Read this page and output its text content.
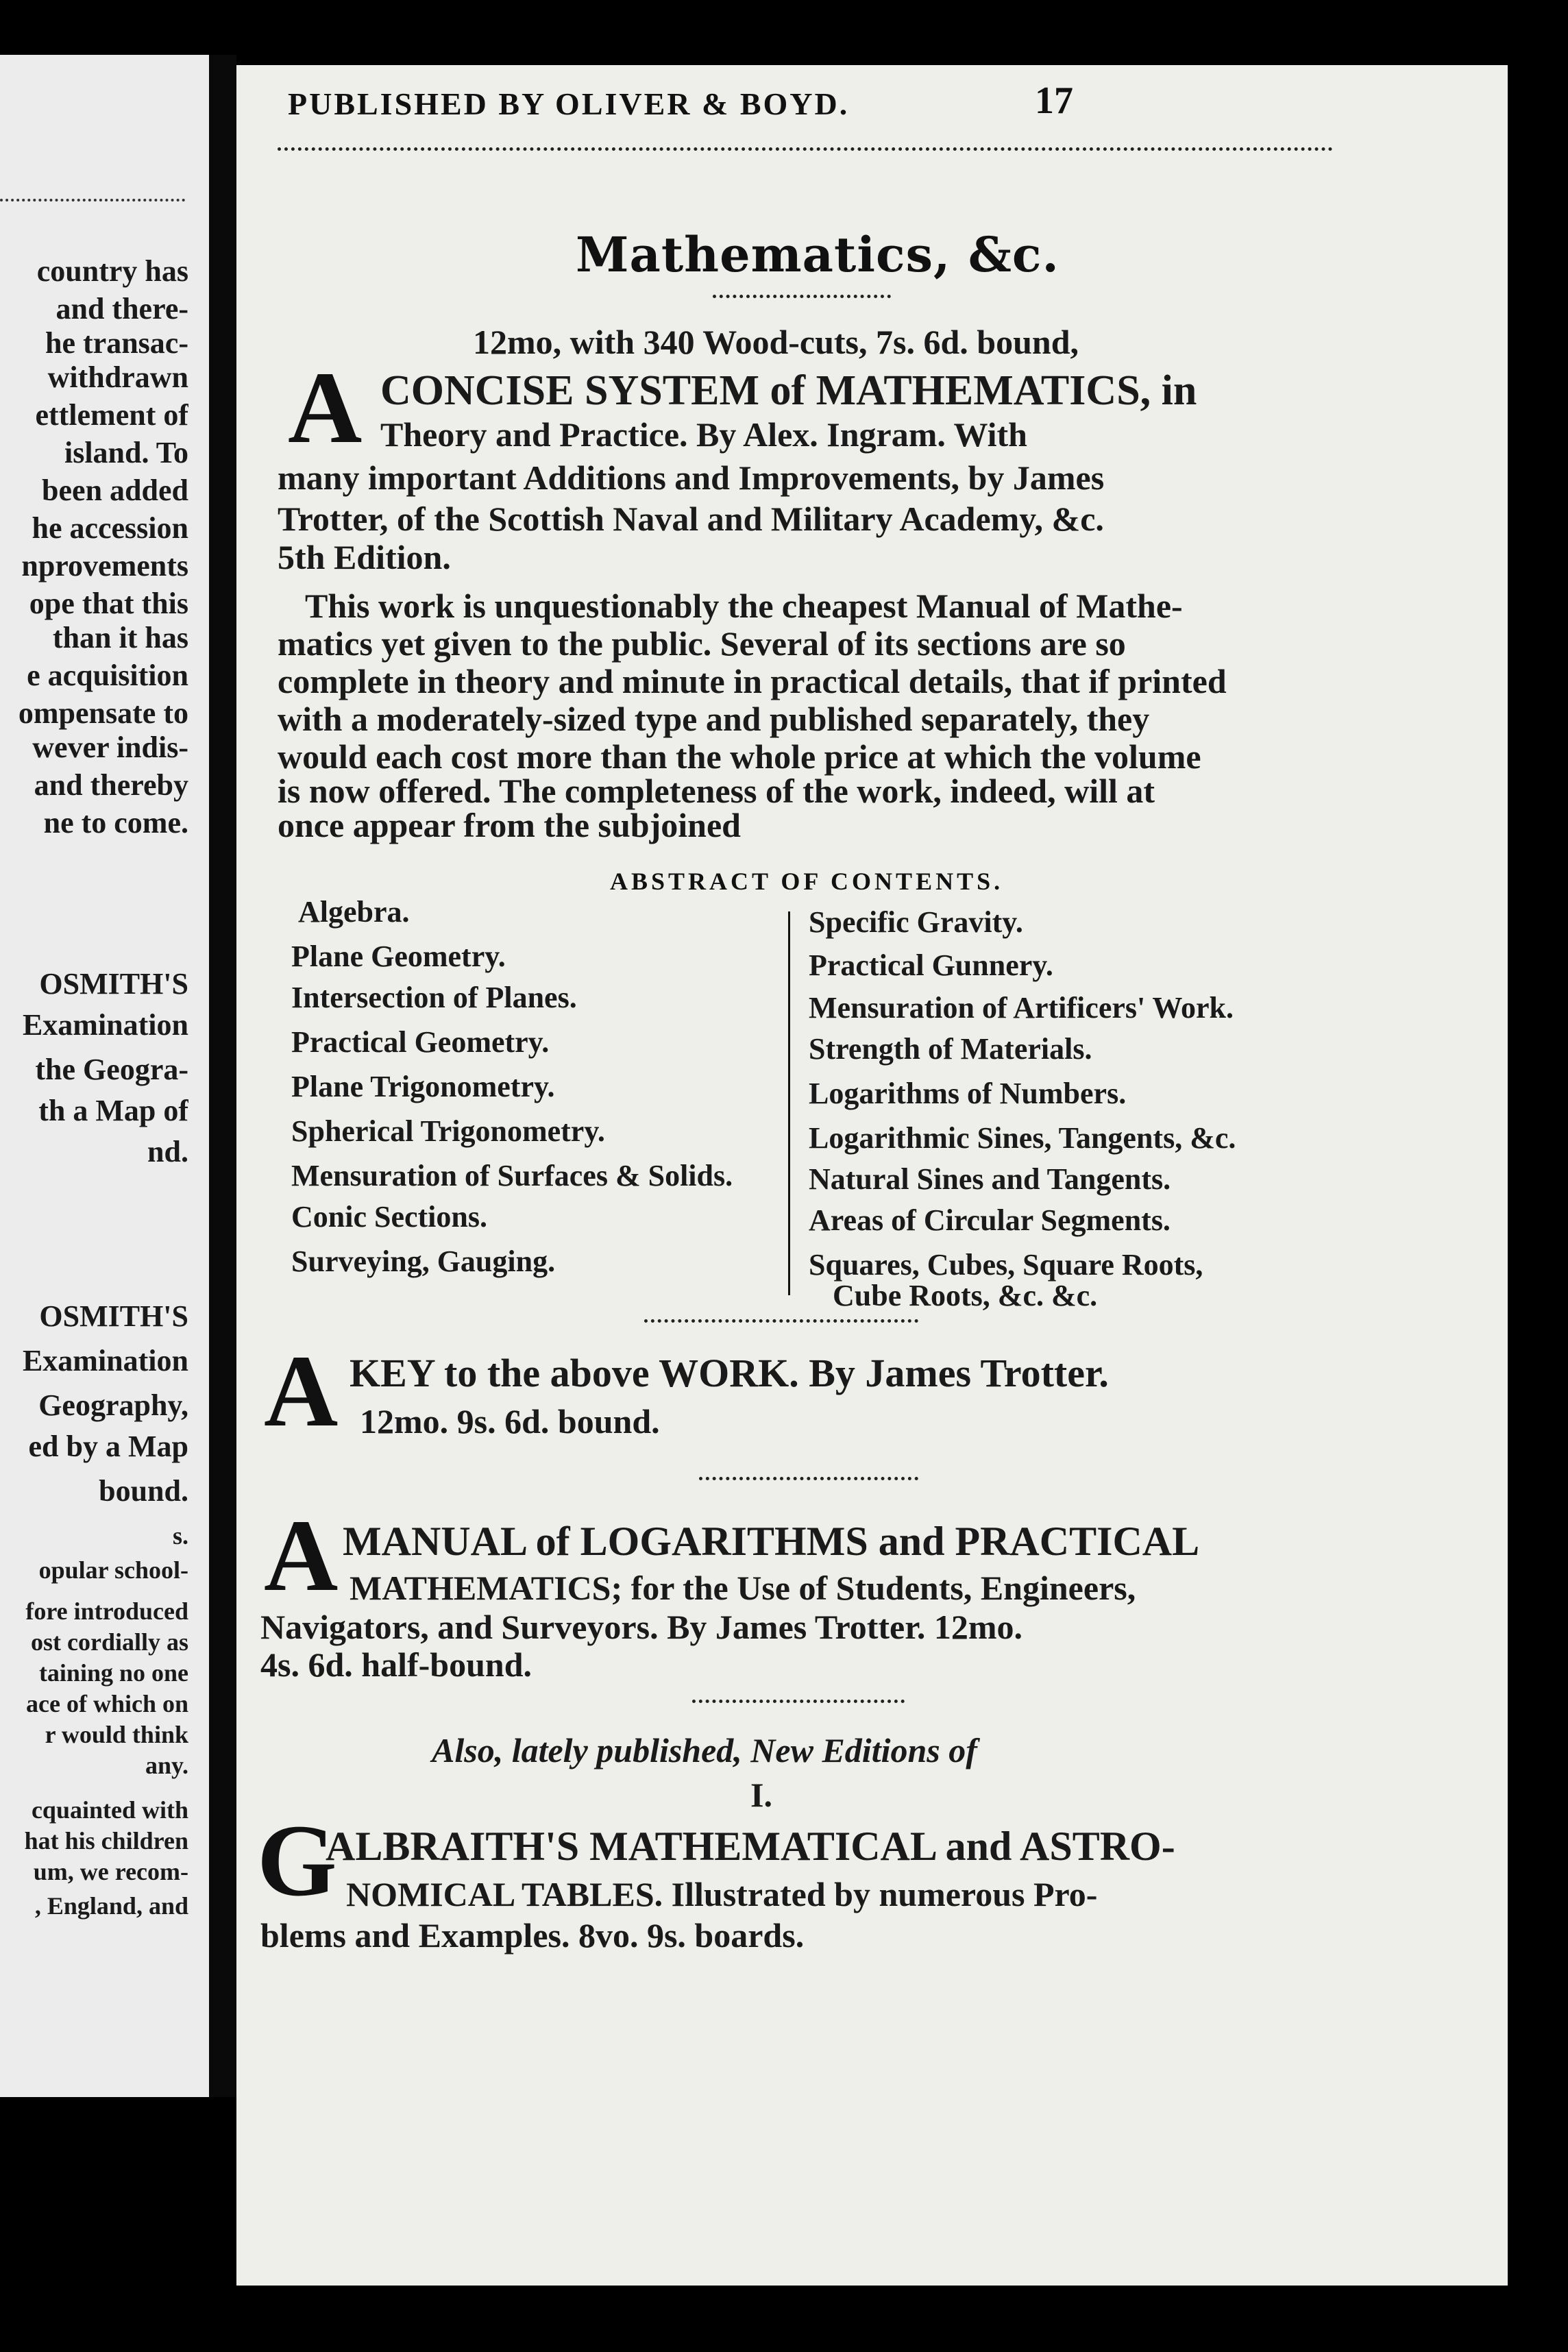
country has
and there-
he transac-
withdrawn
ettlement of
island. To
been added
he accession
nprovements
ope that this
than it has
e acquisition
ompensate to
wever indis-
and thereby
ne to come.
OSMITH'S
Examination
the Geogra-
th a Map of
nd.
OSMITH'S
Examination
Geography,
ed by a Map
bound.
s.
opular school-
fore introduced
ost cordially as
taining no one
ace of which on
r would think
any.
cquainted with
hat his children
um, we recom-
, England, and
PUBLISHED BY OLIVER & BOYD.	17
Mathematics, &c.
12mo, with 340 Wood-cuts, 7s. 6d. bound,
A CONCISE SYSTEM of MATHEMATICS, in
Theory and Practice. By Alex. Ingram. With
many important Additions and Improvements, by James
Trotter, of the Scottish Naval and Military Academy, &c.
5th Edition.
This work is unquestionably the cheapest Manual of Mathe-
matics yet given to the public. Several of its sections are so
complete in theory and minute in practical details, that if printed
with a moderately-sized type and published separately, they
would each cost more than the whole price at which the volume
is now offered. The completeness of the work, indeed, will at
once appear from the subjoined
ABSTRACT OF CONTENTS.
Algebra.
Plane Geometry.
Intersection of Planes.
Practical Geometry.
Plane Trigonometry.
Spherical Trigonometry.
Mensuration of Surfaces & Solids.
Conic Sections.
Surveying, Gauging.
Specific Gravity.
Practical Gunnery.
Mensuration of Artificers' Work.
Strength of Materials.
Logarithms of Numbers.
Logarithmic Sines, Tangents, &c.
Natural Sines and Tangents.
Areas of Circular Segments.
Squares, Cubes, Square Roots,
Cube Roots, &c. &c.
A KEY to the above WORK. By James Trotter.
12mo. 9s. 6d. bound.
A MANUAL of LOGARITHMS and PRACTICAL
MATHEMATICS; for the Use of Students, Engineers,
Navigators, and Surveyors. By James Trotter. 12mo.
4s. 6d. half-bound.
Also, lately published, New Editions of
I.
G
ALBRAITH'S MATHEMATICAL and ASTRO-
NOMICAL TABLES. Illustrated by numerous Pro-
blems and Examples. 8vo. 9s. boards.
